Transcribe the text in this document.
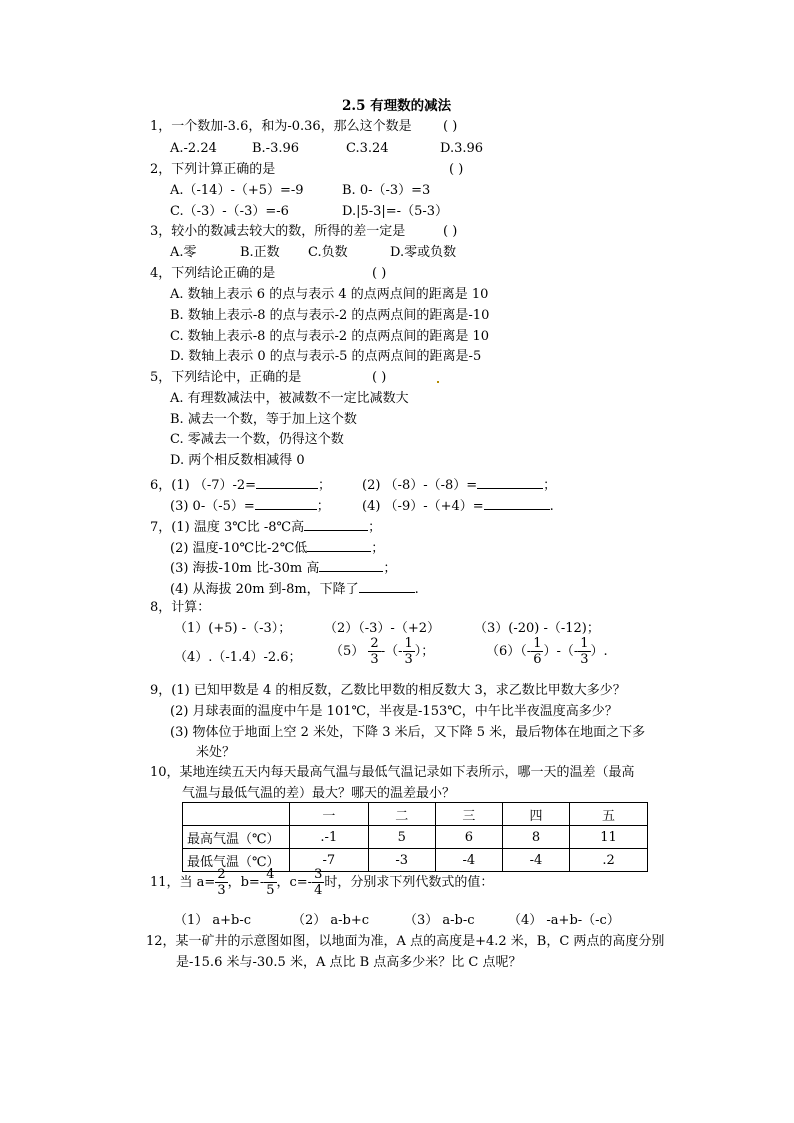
2.5 有理数的减法
1，一个数加-3.6，和为-0.36，那么这个数是 ( )
A.-2.24	B.-3.96	C.3.24	D.3.96
2，下列计算正确的是	( )
A.（-14）-（+5）=-9	B. 0-（-3）=3
C.（-3）-（-3）=-6	D.|5-3|=-（5-3）
3，较小的数减去较大的数，所得的差一定是	( )
A.零	B.正数 C.负数	D.零或负数
4，下列结论正确的是	( )
A. 数轴上表示 6 的点与表示 4 的点两点间的距离是 10
B. 数轴上表示-8 的点与表示-2 的点两点间的距离是-10
C. 数轴上表示-8 的点与表示-2 的点两点间的距离是 10
D. 数轴上表示 0 的点与表示-5 的点两点间的距离是-5
5，下列结论中，正确的是	( )
A. 有理数减法中，被减数不一定比减数大
B. 减去一个数，等于加上这个数
C. 零减去一个数，仍得这个数
D. 两个相反数相减得 0
6，(1) （-7）-2=	； (2) （-8）-（-8）=	；
(3) 0-（-5）=	； (4) （-9）-（+4）=	.
7，(1) 温度 3℃比 -8℃高	；
(2) 温度-10℃比-2℃低	；
(3) 海拔-10m 比-30m 高	；
(4) 从海拔 20m 到-8m，下降了	.
8，计算：
（1）(+5) -（-3）；	（2）（-3）-（+2）	（3）(-20) -（-12)；
（4）.（-1.4）-2.6； $(5) \frac{2}{3}$ -（- $\frac{1}{3}$ ）；	$(6)(- \frac{1}{6}$ ）-（- $\frac{1}{3}$ ）.
9，(1) 已知甲数是 4 的相反数，乙数比甲数的相反数大 3，求乙数比甲数大多少？
(2) 月球表面的温度中午是 101℃，半夜是-153℃，中午比半夜温度高多少？
(3) 物体位于地面上空 2 米处，下降 3 米后，又下降 5 米，最后物体在地面之下多
米处？
10，某地连续五天内每天最高气温与最低气温记录如下表所示，哪一天的温差（最高
气温与最低气温的差）最大？哪天的温差最小？
	一	二	三	四	五
最高气温（℃）	.-1	5	6	8	11
最低气温（℃）	-7	-3	-4	-4	.2
11，当 $a= \frac{2}{3}$ ，$b=- \frac{4}{5}$ ，$c=- \frac{3}{4}$ 时，分别求下列代数式的值：
（1） a+b-c	（2） a-b+c	（3） a-b-c	（4） -a+b-（-c）
12，某一矿井的示意图如图，以地面为准，A 点的高度是+4.2 米，B，C 两点的高度分别
是-15.6 米与-30.5 米，A 点比 B 点高多少米？比 C 点呢？
